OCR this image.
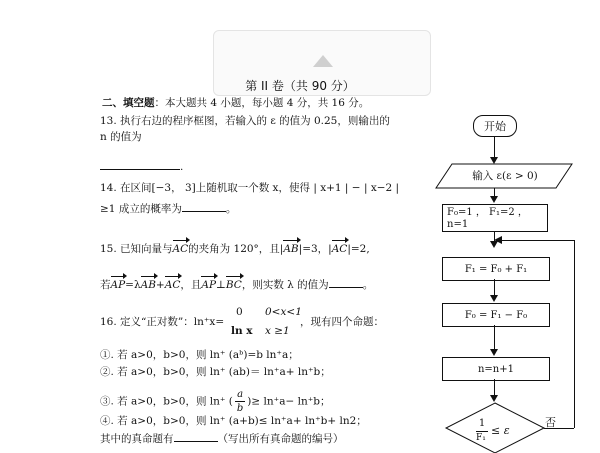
第 II 卷（共 90 分）
二、填空题：本大题共 4 小题，每小题 4 分，共 16 分。
13. 执行右边的程序框图，若输入的 ε 的值为 0.25，则输出的
n 的值为
.
14. 在区间[−3， 3]上随机取一个数 x，使得 | x+1 | − | x−2 |
≥1 成立的概率为	。
15. 已知向量与AC的夹角为 120°，且|AB|=3，|AC|=2,
若AP=λAB+AC，且AP⊥BC，则实数 λ 的值为	。
16. 定义“正对数”：ln⁺x=
0 0<x<1
ln x x ≥1
，现有四个命题：
①. 若 a>0，b>0，则 ln⁺ (aᵇ)=b ln⁺a；
②. 若 a>0，b>0，则 ln⁺ (ab)＝ ln⁺a+ ln⁺b；
③. 若 a>0，b>0，则 ln⁺ ( $\frac{a}{b}$ )≥ ln⁺a− ln⁺b；
④. 若 a>0，b>0，则 ln⁺ (a+b)≤ ln⁺a+ ln⁺b+ ln2；
其中的真命题有	（写出所有真命题的编号）
开始
输入 ε(ε > 0)
F₀=1 ， F₁=2 ， n=1
F₁ = F₀ + F₁
F₀ = F₁ − F₀
n=n+1
1
F₁
≤ ε
否
